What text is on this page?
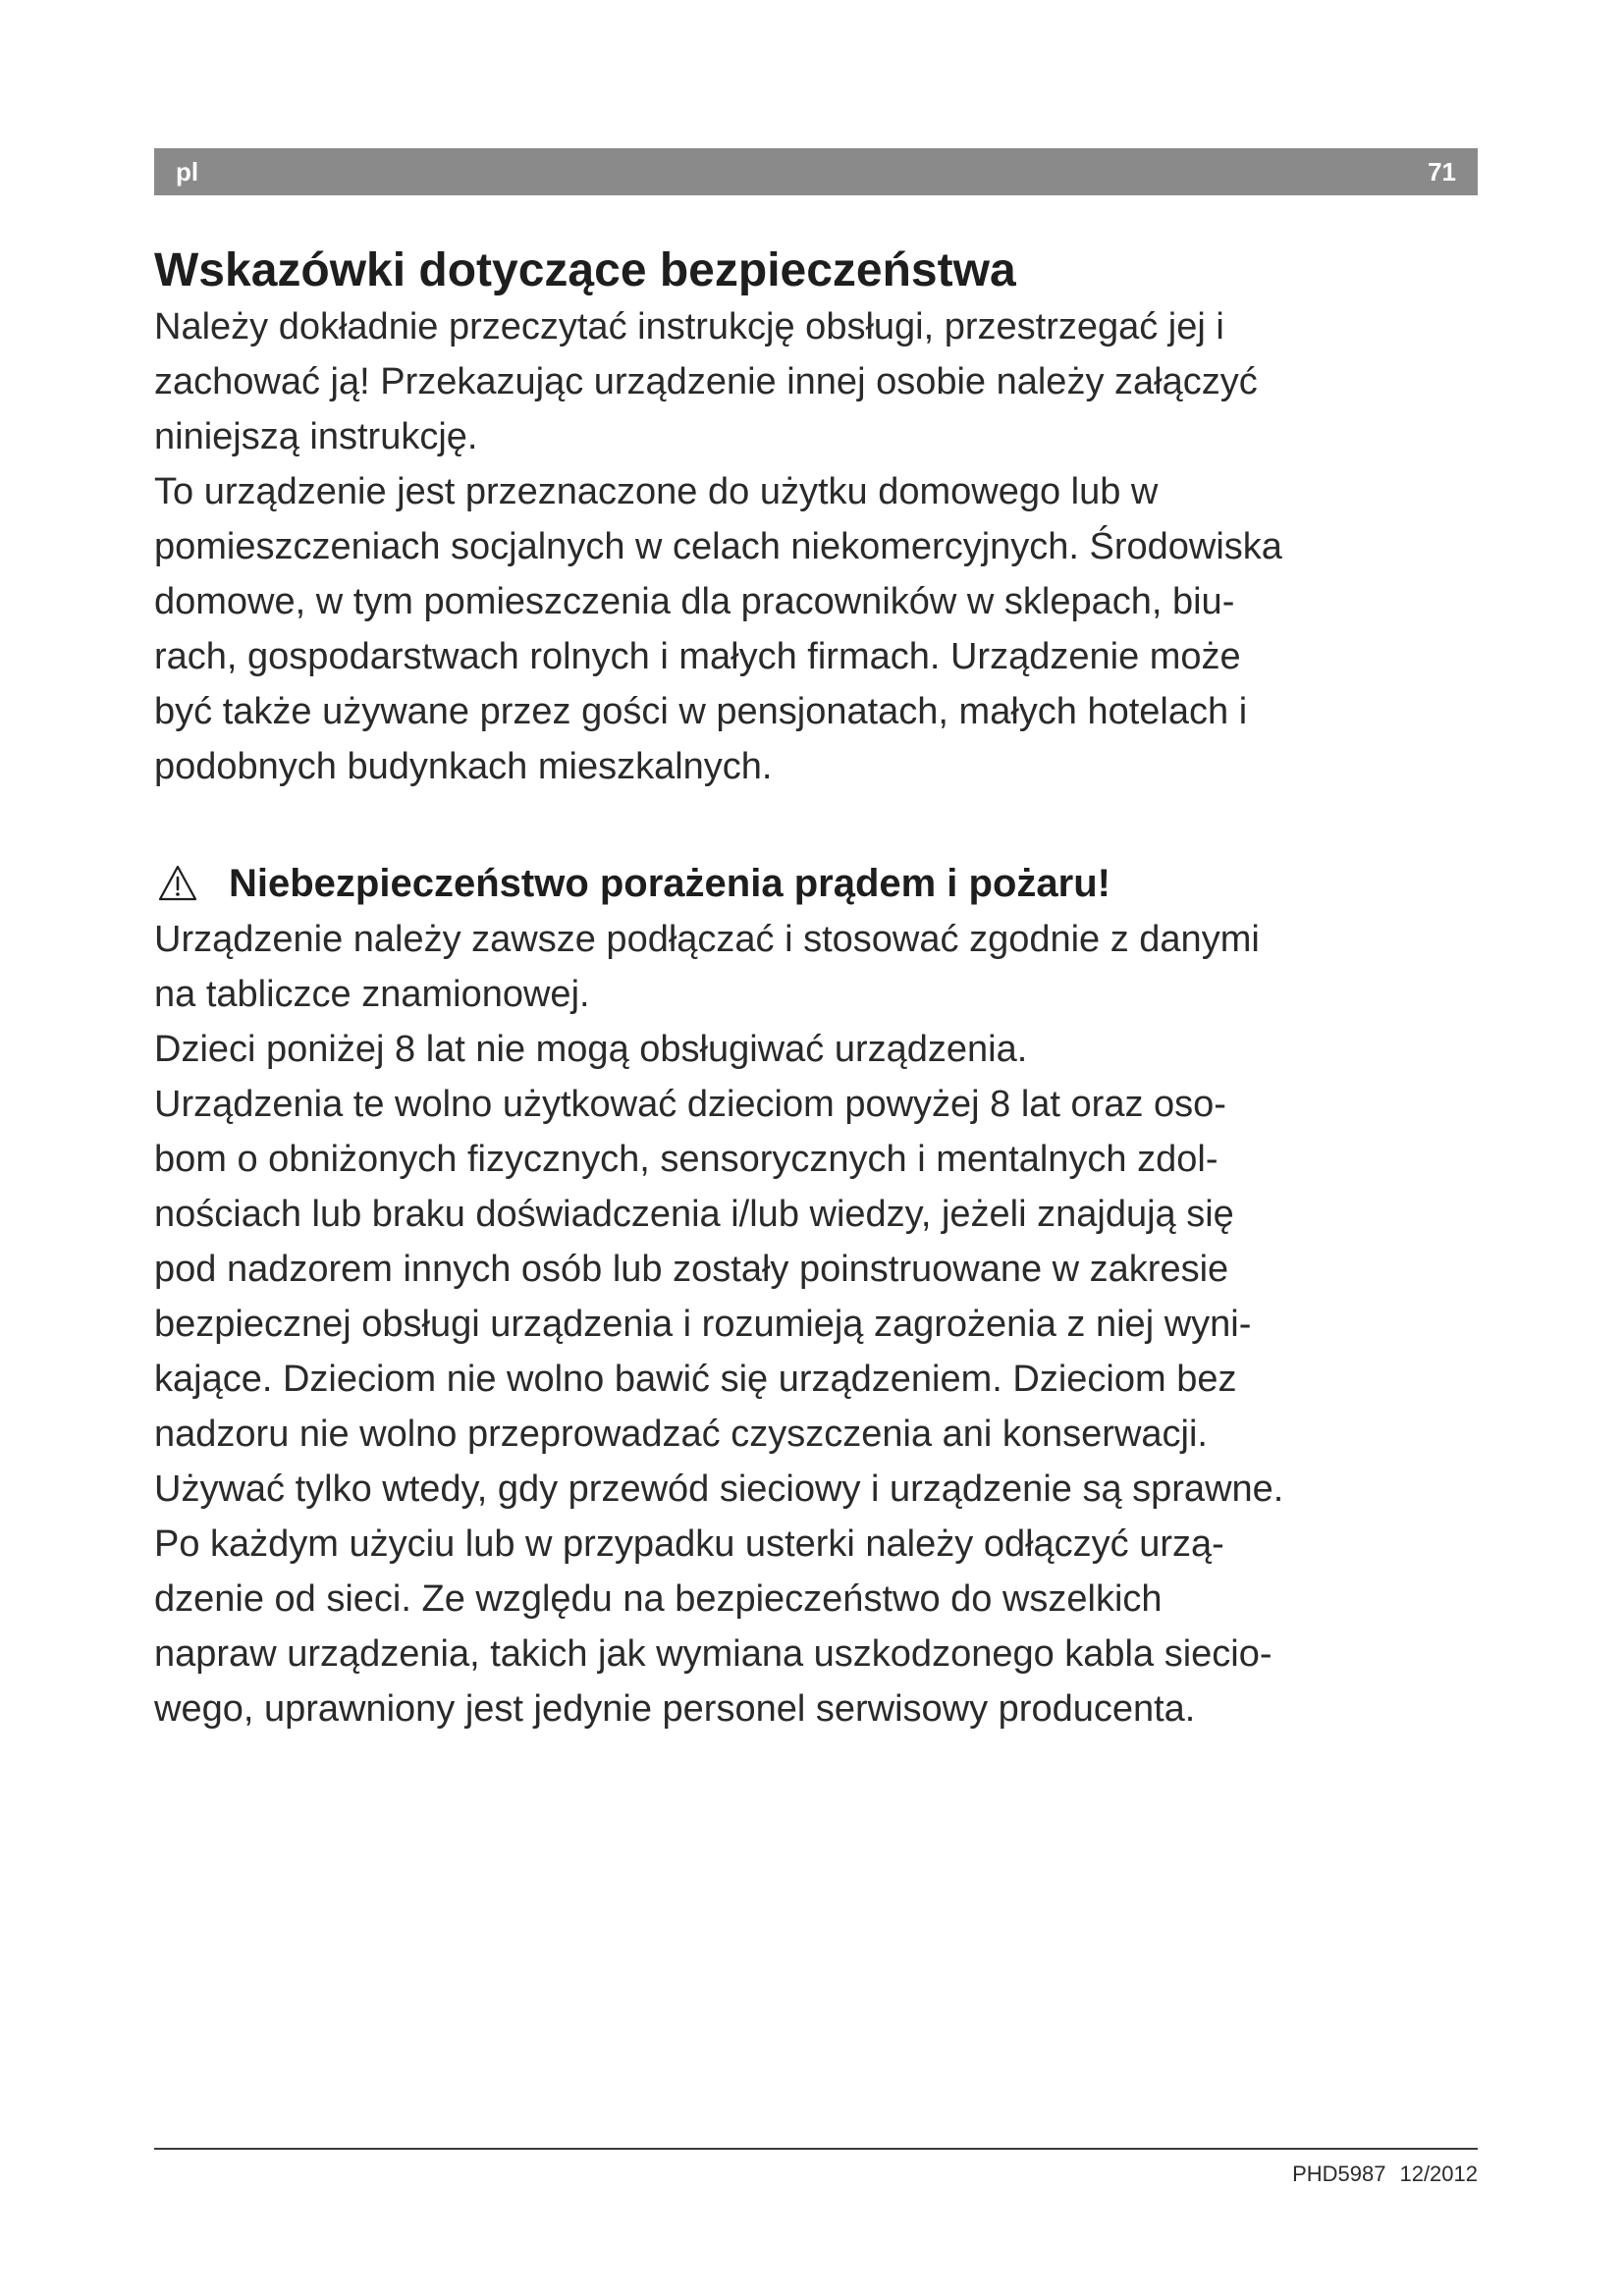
pl	71
Wskazówki dotyczące bezpieczeństwa

Należy dokładnie przeczytać instrukcję obsługi, przestrzegać jej i
zachować ją! Przekazując urządzenie innej osobie należy załączyć
niniejszą instrukcję.

To urządzenie jest przeznaczone do użytku domowego lub w
pomieszczeniach socjalnych w celach niekomercyjnych. Środowiska
domowe, w tym pomieszczenia dla pracowników w sklepach, biu-
rach, gospodarstwach rolnych i małych firmach. Urządzenie może
być także używane przez gości w pensjonatach, małych hotelach i
podobnych budynkach mieszkalnych.

Niebezpieczeństwo porażenia prądem i pożaru!

Urządzenie należy zawsze podłączać i stosować zgodnie z danymi
na tabliczce znamionowej.

Dzieci poniżej 8 lat nie mogą obsługiwać urządzenia.

Urządzenia te wolno użytkować dzieciom powyżej 8 lat oraz oso-
bom o obniżonych fizycznych, sensorycznych i mentalnych zdol-
nościach lub braku doświadczenia i/lub wiedzy, jeżeli znajdują się
pod nadzorem innych osób lub zostały poinstruowane w zakresie
bezpiecznej obsługi urządzenia i rozumieją zagrożenia z niej wyni-
kające. Dzieciom nie wolno bawić się urządzeniem. Dzieciom bez
nadzoru nie wolno przeprowadzać czyszczenia ani konserwacji.

Używać tylko wtedy, gdy przewód sieciowy i urządzenie są sprawne.
Po każdym użyciu lub w przypadku usterki należy odłączyć urzą-
dzenie od sieci. Ze względu na bezpieczeństwo do wszelkich
napraw urządzenia, takich jak wymiana uszkodzonego kabla siecio-
wego, uprawniony jest jedynie personel serwisowy producenta.

PHD5987 12/2012
